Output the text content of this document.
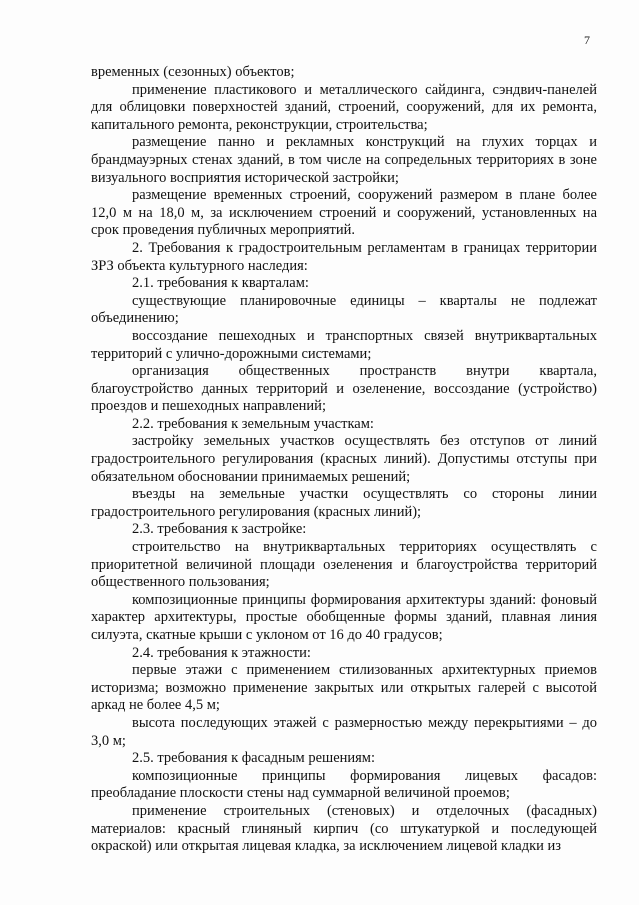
7

временных (сезонных) объектов;

применение пластикового и металлического сайдинга, сэндвич-панелей для облицовки поверхностей зданий, строений, сооружений, для их ремонта, капитального ремонта, реконструкции, строительства;

размещение панно и рекламных конструкций на глухих торцах и брандмауэрных стенах зданий, в том числе на сопредельных территориях в зоне визуального восприятия исторической застройки;

размещение временных строений, сооружений размером в плане более 12,0 м на 18,0 м, за исключением строений и сооружений, установленных на срок проведения публичных мероприятий.

2. Требования к градостроительным регламентам в границах территории ЗРЗ объекта культурного наследия:

2.1. требования к кварталам:

существующие планировочные единицы – кварталы не подлежат объединению;

воссоздание пешеходных и транспортных связей внутриквартальных территорий с улично-дорожными системами;

организация общественных пространств внутри квартала, благоустройство данных территорий и озеленение, воссоздание (устройство) проездов и пешеходных направлений;

2.2. требования к земельным участкам:

застройку земельных участков осуществлять без отступов от линий градостроительного регулирования (красных линий). Допустимы отступы при обязательном обосновании принимаемых решений;

въезды на земельные участки осуществлять со стороны линии градостроительного регулирования (красных линий);

2.3. требования к застройке:

строительство на внутриквартальных территориях осуществлять с приоритетной величиной площади озеленения и благоустройства территорий общественного пользования;

композиционные принципы формирования архитектуры зданий: фоновый характер архитектуры, простые обобщенные формы зданий, плавная линия силуэта, скатные крыши с уклоном от 16 до 40 градусов;

2.4. требования к этажности:

первые этажи с применением стилизованных архитектурных приемов историзма; возможно применение закрытых или открытых галерей с высотой аркад не более 4,5 м;

высота последующих этажей с размерностью между перекрытиями – до 3,0 м;

2.5. требования к фасадным решениям:

композиционные принципы формирования лицевых фасадов: преобладание плоскости стены над суммарной величиной проемов;

применение строительных (стеновых) и отделочных (фасадных) материалов: красный глиняный кирпич (со штукатуркой и последующей окраской) или открытая лицевая кладка, за исключением лицевой кладки из
